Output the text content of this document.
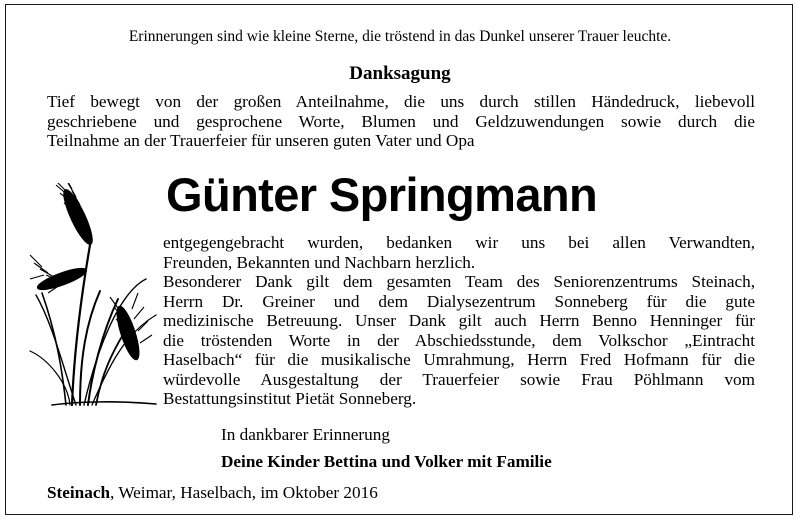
Erinnerungen sind wie kleine Sterne, die tröstend in das Dunkel unserer Trauer leuchte.
Danksagung
Tief bewegt von der großen Anteilnahme, die uns durch stillen Händedruck, liebevoll
geschriebene und gesprochene Worte, Blumen und Geldzuwendungen sowie durch die
Teilnahme an der Trauerfeier für unseren guten Vater und Opa
Günter Springmann
entgegengebracht wurden, bedanken wir uns bei allen Verwandten,
Freunden, Bekannten und Nachbarn herzlich.
Besonderer Dank gilt dem gesamten Team des Seniorenzentrums Steinach,
Herrn Dr. Greiner und dem Dialysezentrum Sonneberg für die gute
medizinische Betreuung. Unser Dank gilt auch Herrn Benno Henninger für
die tröstenden Worte in der Abschiedsstunde, dem Volkschor „Eintracht
Haselbach“ für die musikalische Umrahmung, Herrn Fred Hofmann für die
würdevolle Ausgestaltung der Trauerfeier sowie Frau Pöhlmann vom
Bestattungsinstitut Pietät Sonneberg.
In dankbarer Erinnerung
Deine Kinder Bettina und Volker mit Familie
Steinach, Weimar, Haselbach, im Oktober 2016
